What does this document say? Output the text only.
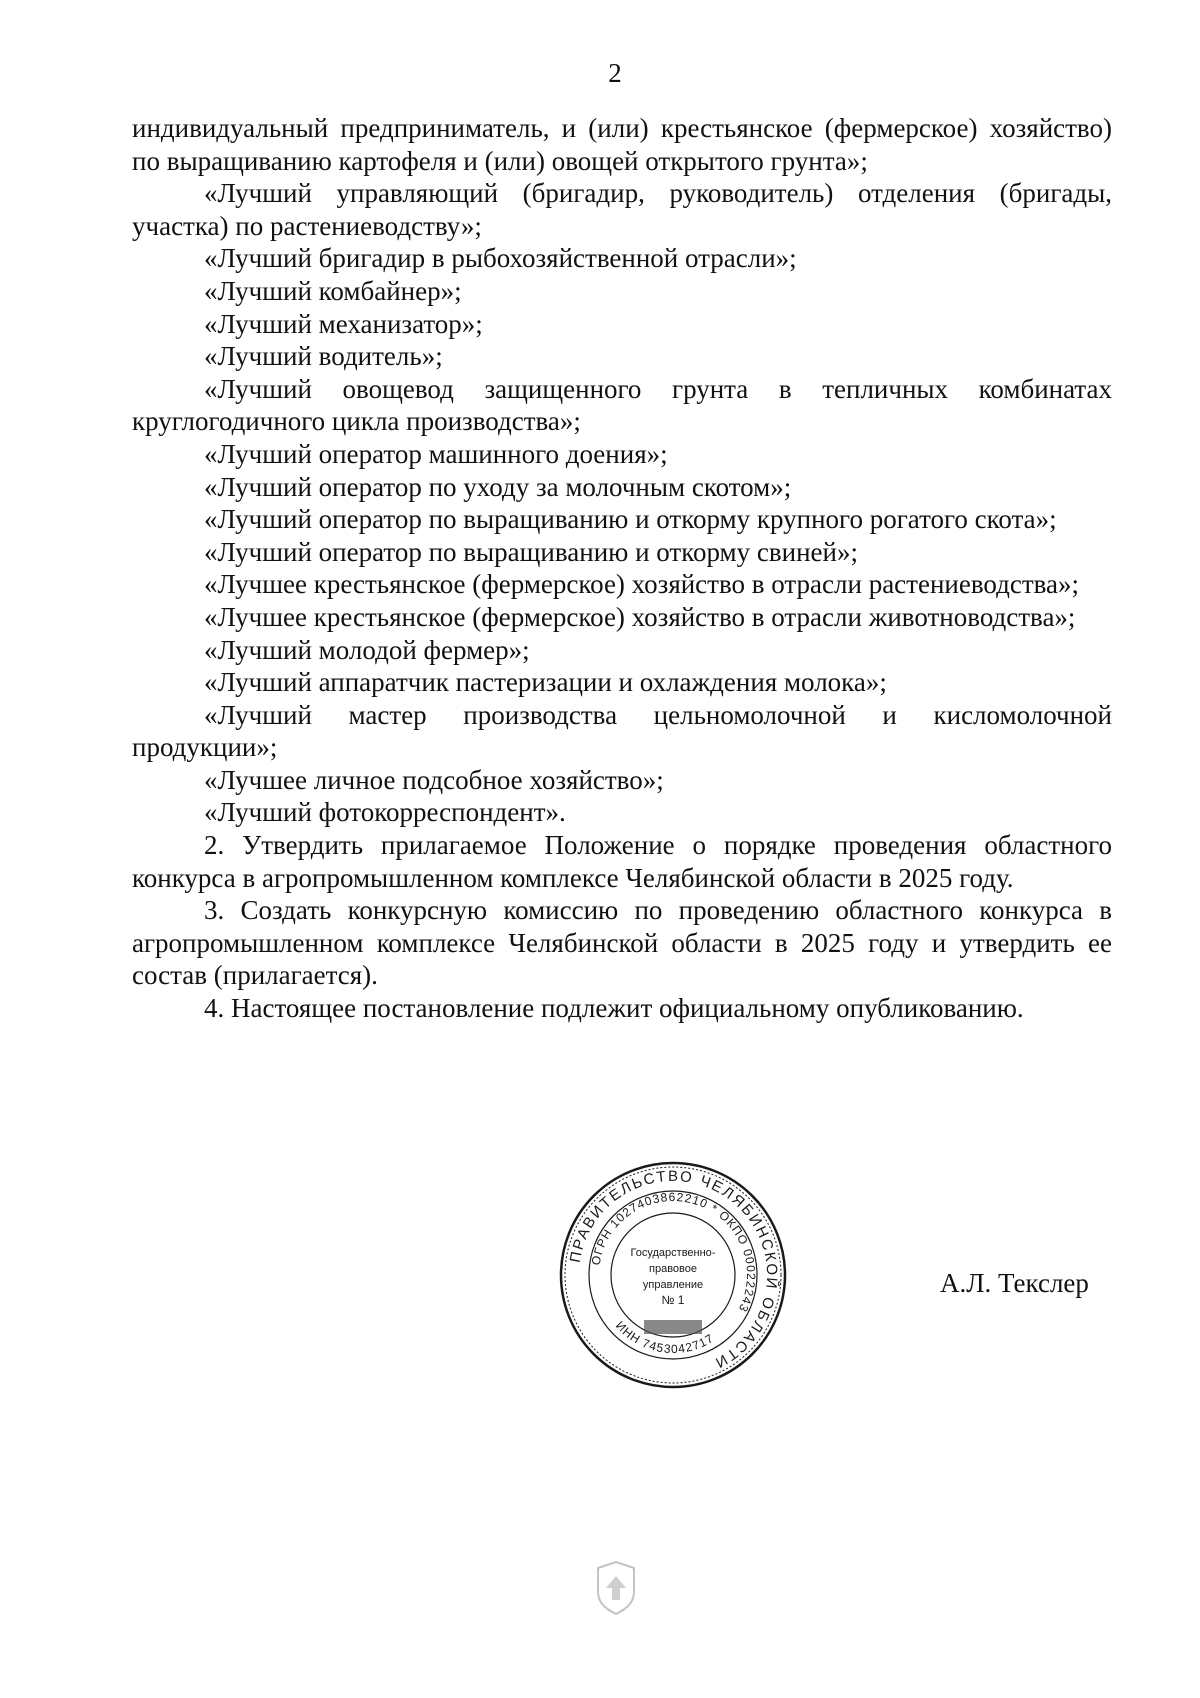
2

индивидуальный предприниматель, и (или) крестьянское (фермерское) хозяйство) по выращиванию картофеля и (или) овощей открытого грунта»;

«Лучший управляющий (бригадир, руководитель) отделения (бригады, участка) по растениеводству»;

«Лучший бригадир в рыбохозяйственной отрасли»;

«Лучший комбайнер»;

«Лучший механизатор»;

«Лучший водитель»;

«Лучший овощевод защищенного грунта в тепличных комбинатах круглогодичного цикла производства»;

«Лучший оператор машинного доения»;

«Лучший оператор по уходу за молочным скотом»;

«Лучший оператор по выращиванию и откорму крупного рогатого скота»;

«Лучший оператор по выращиванию и откорму свиней»;

«Лучшее крестьянское (фермерское) хозяйство в отрасли растениеводства»;

«Лучшее крестьянское (фермерское) хозяйство в отрасли животноводства»;

«Лучший молодой фермер»;

«Лучший аппаратчик пастеризации и охлаждения молока»;

«Лучший мастер производства цельномолочной и кисломолочной продукции»;

«Лучшее личное подсобное хозяйство»;

«Лучший фотокорреспондент».

2. Утвердить прилагаемое Положение о порядке проведения областного конкурса в агропромышленном комплексе Челябинской области в 2025 году.

3. Создать конкурсную комиссию по проведению областного конкурса в агропромышленном комплексе Челябинской области в 2025 году и утвердить ее состав (прилагается).

4. Настоящее постановление подлежит официальному опубликованию.

ПРАВИТЕЛЬСТВО ЧЕЛЯБИНСКОЙ ОБЛАСТИ
ОГРН 1027403862210 * ОКПО 00022243
ИНН 7453042717
Государственно-
правовое
управление
№ 1
А.Л. Текслер
